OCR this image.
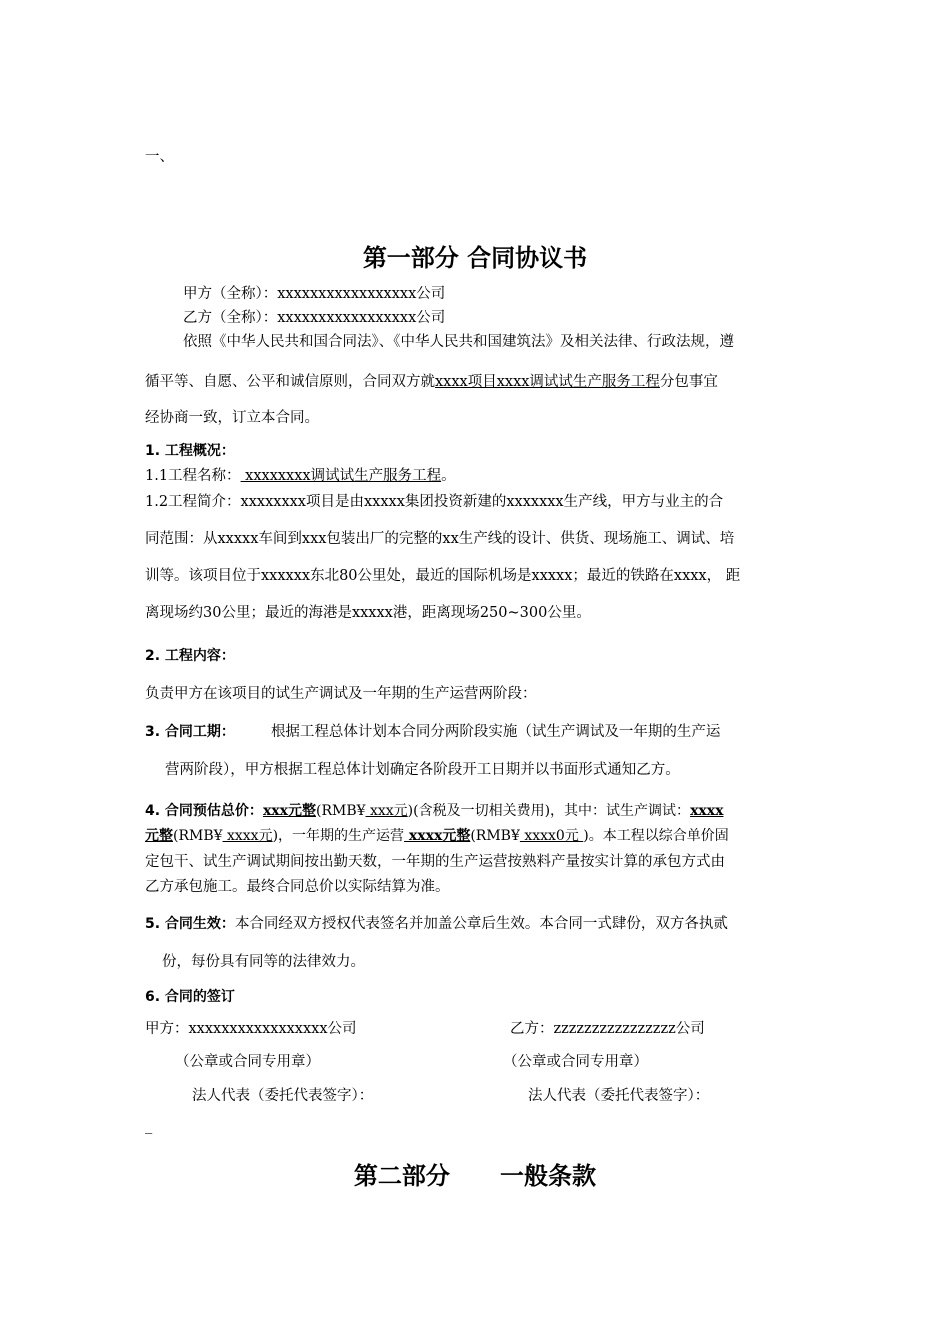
一、
第一部分 合同协议书
甲方（全称）：xxxxxxxxxxxxxxxxx公司
乙方（全称）：xxxxxxxxxxxxxxxxx公司
依照《中华人民共和国合同法》、《中华人民共和国建筑法》及相关法律、行政法规，遵
循平等、自愿、公平和诚信原则，合同双方就xxxx项目xxxx调试试生产服务工程分包事宜
经协商一致，订立本合同。
1. 工程概况：
1.1工程名称： xxxxxxxx调试试生产服务工程。
1.2工程简介：xxxxxxxx项目是由xxxxx集团投资新建的xxxxxxx生产线，甲方与业主的合
同范围：从xxxxx车间到xxx包装出厂的完整的xx生产线的设计、供货、现场施工、调试、培
训等。该项目位于xxxxxx东北80公里处，最近的国际机场是xxxxx；最近的铁路在xxxx， 距
离现场约30公里；最近的海港是xxxxx港，距离现场250~300公里。
2. 工程内容：
负责甲方在该项目的试生产调试及一年期的生产运营两阶段：
3. 合同工期： 根据工程总体计划本合同分两阶段实施（试生产调试及一年期的生产运
营两阶段），甲方根据工程总体计划确定各阶段开工日期并以书面形式通知乙方。
4. 合同预估总价：xxx元整(RMB¥ xxx元)(含税及一切相关费用)，其中：试生产调试：xxxx
元整(RMB¥ xxxx元)，一年期的生产运营 xxxx元整(RMB¥ xxxx0元 )。本工程以综合单价固
定包干、试生产调试期间按出勤天数，一年期的生产运营按熟料产量按实计算的承包方式由
乙方承包施工。最终合同总价以实际结算为准。
5. 合同生效：本合同经双方授权代表签名并加盖公章后生效。本合同一式肆份，双方各执贰
份，每份具有同等的法律效力。
6. 合同的签订
甲方：xxxxxxxxxxxxxxxxx公司	乙方：zzzzzzzzzzzzzzzz公司
（公章或合同专用章）	（公章或合同专用章）
法人代表（委托代表签字）：	法人代表（委托代表签字）：
_
第二部分      一般条款
